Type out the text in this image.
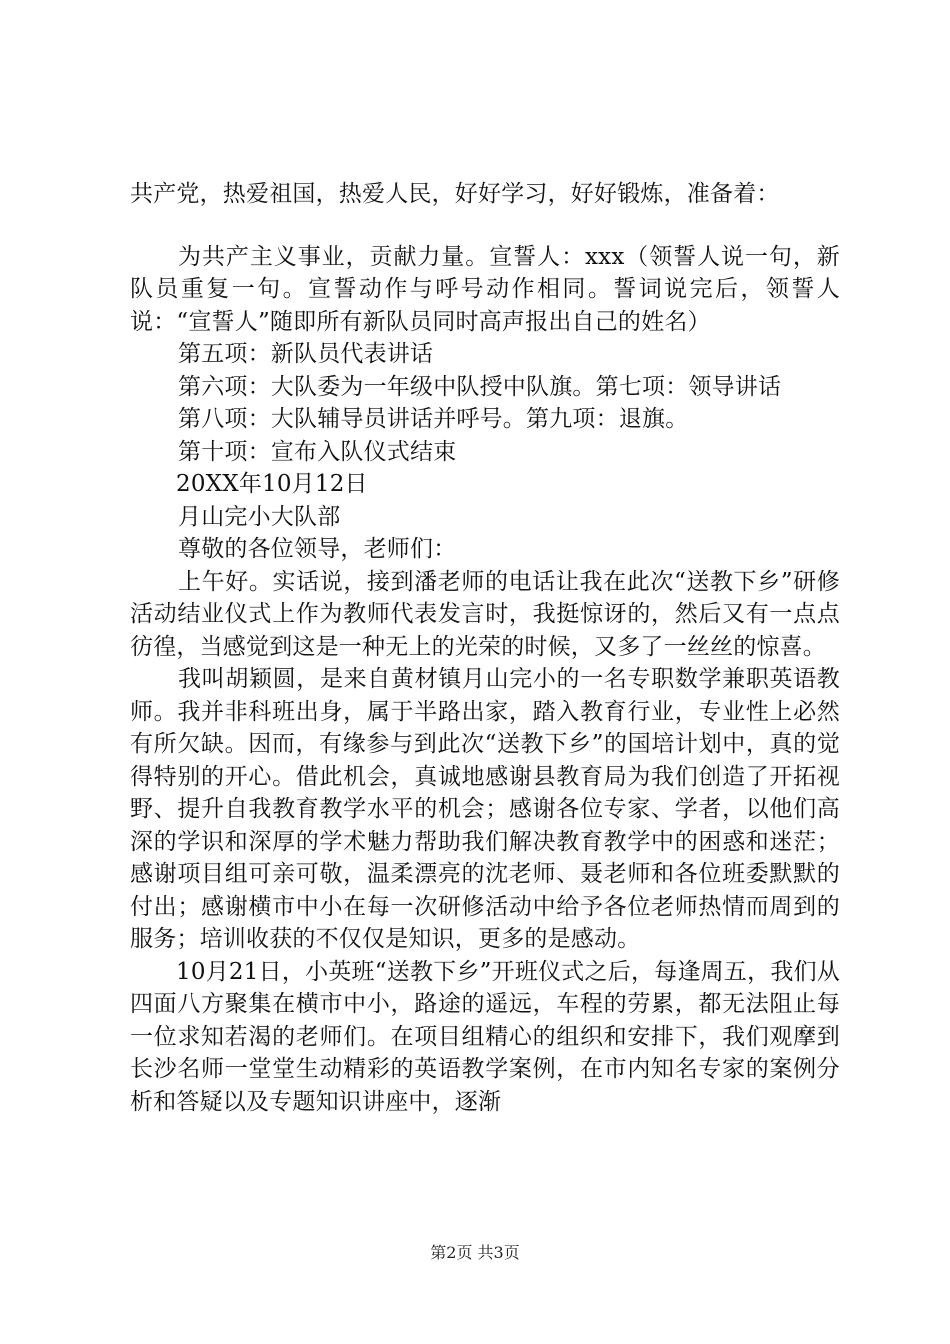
共产党，热爱祖国，热爱人民，好好学习，好好锻炼，准备着：

为共产主义事业，贡献力量。宣誓人：xxx（领誓人说一句，新队员重复一句。宣誓动作与呼号动作相同。誓词说完后，领誓人说：“宣誓人”随即所有新队员同时高声报出自己的姓名）

第五项：新队员代表讲话

第六项：大队委为一年级中队授中队旗。第七项：领导讲话

第八项：大队辅导员讲话并呼号。第九项：退旗。

第十项：宣布入队仪式结束

20XX年10月12日

月山完小大队部

尊敬的各位领导，老师们：

上午好。实话说，接到潘老师的电话让我在此次“送教下乡”研修活动结业仪式上作为教师代表发言时，我挺惊讶的，然后又有一点点彷徨，当感觉到这是一种无上的光荣的时候，又多了一丝丝的惊喜。

我叫胡颖圆，是来自黄材镇月山完小的一名专职数学兼职英语教师。我并非科班出身，属于半路出家，踏入教育行业，专业性上必然有所欠缺。因而，有缘参与到此次“送教下乡”的国培计划中，真的觉得特别的开心。借此机会，真诚地感谢县教育局为我们创造了开拓视野、提升自我教育教学水平的机会；感谢各位专家、学者，以他们高深的学识和深厚的学术魅力帮助我们解决教育教学中的困惑和迷茫；感谢项目组可亲可敬，温柔漂亮的沈老师、聂老师和各位班委默默的付出；感谢横市中小在每一次研修活动中给予各位老师热情而周到的服务；培训收获的不仅仅是知识，更多的是感动。

10月21日，小英班“送教下乡”开班仪式之后，每逢周五，我们从四面八方聚集在横市中小，路途的遥远，车程的劳累，都无法阻止每一位求知若渴的老师们。在项目组精心的组织和安排下，我们观摩到长沙名师一堂堂生动精彩的英语教学案例，在市内知名专家的案例分析和答疑以及专题知识讲座中，逐渐

第2页 共3页
